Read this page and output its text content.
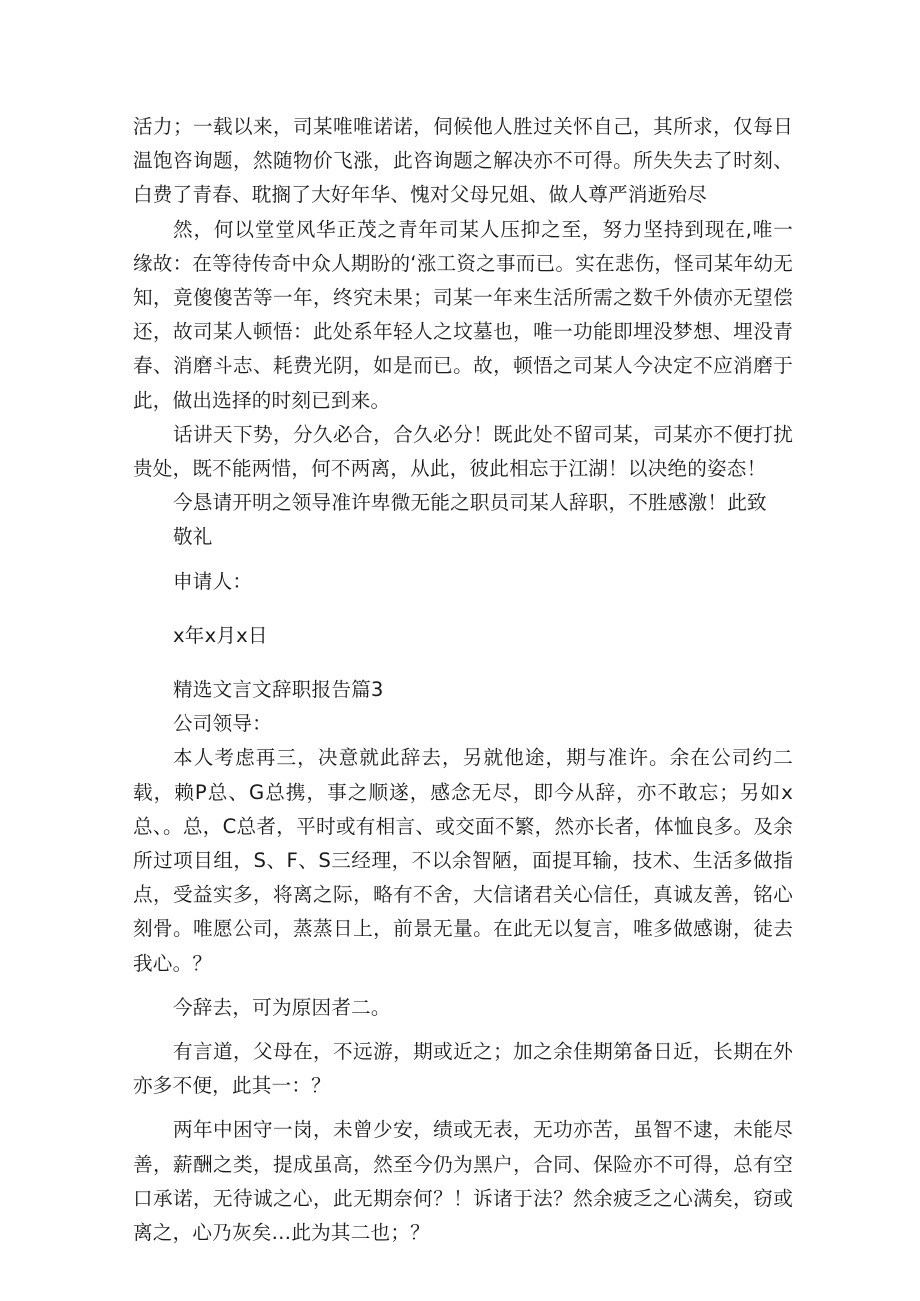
活力；一载以来，司某唯唯诺诺，伺候他人胜过关怀自己，其所求，仅每日温饱咨询题，然随物价飞涨，此咨询题之解决亦不可得。所失失去了时刻、白费了青春、耽搁了大好年华、愧对父母兄姐、做人尊严消逝殆尽

然，何以堂堂风华正茂之青年司某人压抑之至，努力坚持到现在,唯一缘故：在等待传奇中众人期盼的‘涨工资之事而已。实在悲伤，怪司某年幼无知，竟傻傻苦等一年，终究未果；司某一年来生活所需之数千外债亦无望偿还，故司某人顿悟：此处系年轻人之坟墓也，唯一功能即埋没梦想、埋没青春、消磨斗志、耗费光阴，如是而已。故，顿悟之司某人今决定不应消磨于此，做出选择的时刻已到来。

话讲天下势，分久必合，合久必分！既此处不留司某，司某亦不便打扰贵处，既不能两惜，何不两离，从此，彼此相忘于江湖！以决绝的姿态！

今恳请开明之领导准许卑微无能之职员司某人辞职，不胜感激！此致

敬礼

申请人：

x年x月x日

精选文言文辞职报告篇3

公司领导：

本人考虑再三，决意就此辞去，另就他途，期与准许。余在公司约二载，赖P总、G总携，事之顺遂，感念无尽，即今从辞，亦不敢忘；另如x总、。总，C总者，平时或有相言、或交面不繁，然亦长者，体恤良多。及余所过项目组，S、F、S三经理，不以余智陋，面提耳输，技术、生活多做指点，受益实多，将离之际，略有不舍，大信诸君关心信任，真诚友善，铭心刻骨。唯愿公司，蒸蒸日上，前景无量。在此无以复言，唯多做感谢，徒去我心。？

今辞去，可为原因者二。

有言道，父母在，不远游，期或近之；加之余佳期第备日近，长期在外亦多不便，此其一：？

两年中困守一岗，未曾少安，绩或无表，无功亦苦，虽智不逮，未能尽善，薪酬之类，提成虽高，然至今仍为黑户，合同、保险亦不可得，总有空口承诺，无待诚之心，此无期奈何？！诉诸于法？然余疲乏之心满矣，窃或离之，心乃灰矣…此为其二也；？
